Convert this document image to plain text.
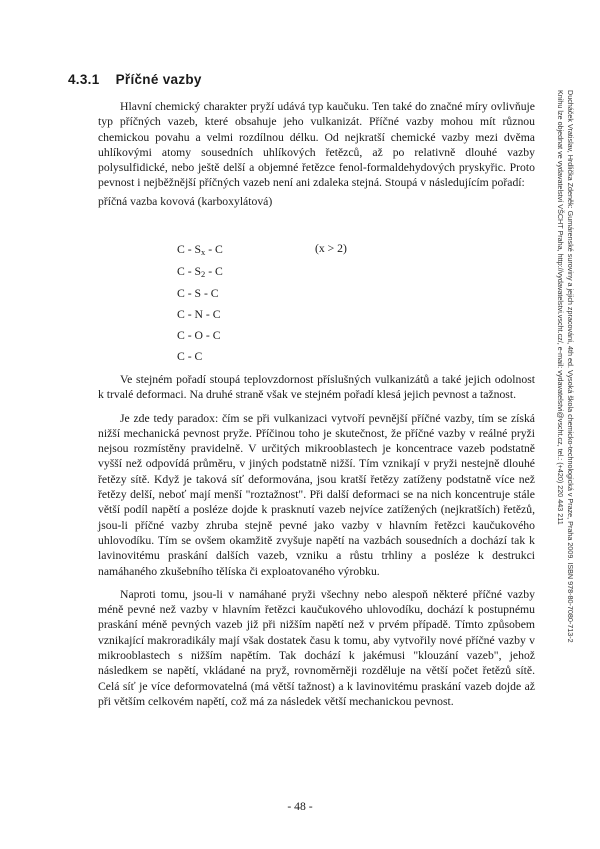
4.3.1 Příčné vazby

Hlavní chemický charakter pryží udává typ kaučuku. Ten také do značné míry ovlivňuje typ příčných vazeb, které obsahuje jeho vulkanizát. Příčné vazby mohou mít různou chemickou povahu a velmi rozdílnou délku. Od nejkratší chemické vazby mezi dvěma uhlíkovými atomy sousedních uhlíkových řetězců, až po relativně dlouhé vazby polysulfidické, nebo ještě delší a objemné řetězce fenol-formaldehydových pryskyřic. Proto pevnost i nejběžnější příčných vazeb není ani zdaleka stejná. Stoupá v následujícím pořadí:

příčná vazba kovová (karboxylátová)

C - $S_x$ - C	(x > 2)
C - $S_2$ - C
C - S - C
C - N - C
C - O - C
C - C

Ve stejném pořadí stoupá teplovzdornost příslušných vulkanizátů a také jejich odolnost k trvalé deformaci. Na druhé straně však ve stejném pořadí klesá jejich pevnost a tažnost.

Je zde tedy paradox: čím se při vulkanizaci vytvoří pevnější příčné vazby, tím se získá nižší mechanická pevnost pryže. Příčinou toho je skutečnost, že příčné vazby v reálné pryži nejsou rozmístěny pravidelně. V určitých mikrooblastech je koncentrace vazeb podstatně vyšší než odpovídá průměru, v jiných podstatně nižší. Tím vznikají v pryži nestejně dlouhé řetězy sítě. Když je taková síť deformována, jsou kratší řetězy zatíženy podstatně více než řetězy delší, neboť mají menší "roztažnost". Při další deformaci se na nich koncentruje stále větší podíl napětí a posléze dojde k prasknutí vazeb nejvíce zatížených (nejkratších) řetězů, jsou-li příčné vazby zhruba stejně pevné jako vazby v hlavním řetězci kaučukového uhlovodíku. Tím se ovšem okamžitě zvyšuje napětí na vazbách sousedních a dochází tak k lavinovitému praskání dalších vazeb, vzniku a růstu trhliny a posléze k destrukci namáhaného zkušebního tělíska či exploatovaného výrobku.

Naproti tomu, jsou-li v namáhané pryži všechny nebo alespoň některé příčné vazby méně pevné než vazby v hlavním řetězci kaučukového uhlovodíku, dochází k postupnému praskání méně pevných vazeb již při nižším napětí než v prvém případě. Tímto způsobem vznikající makroradikály mají však dostatek času k tomu, aby vytvořily nové příčné vazby v mikrooblastech s nižším napětím. Tak dochází k jakémusi "klouzání vazeb", jehož následkem se napětí, vkládané na pryž, rovnoměrněji rozděluje na větší počet řetězů sítě. Celá síť je více deformovatelná (má větší tažnost) a k lavinovitému praskání vazeb dojde až při větším celkovém napětí, což má za následek větší mechanickou pevnost.

- 48 -
Ducháček Vratislav, Hrdlička Zdeněk: Gumárenské suroviny a jejich zpracování, 4th ed. Vysoká škola chemicko-technologická v Praze, Praha 2009. ISBN 978-80-7080-713-2
Knihu lze objednat ve vydavatelství VŠCHT Praha, http://vydavatelstvi.vscht.cz/, e-mail: vydavatelstvi@vscht.cz, tel.: (+420) 220 443 211
